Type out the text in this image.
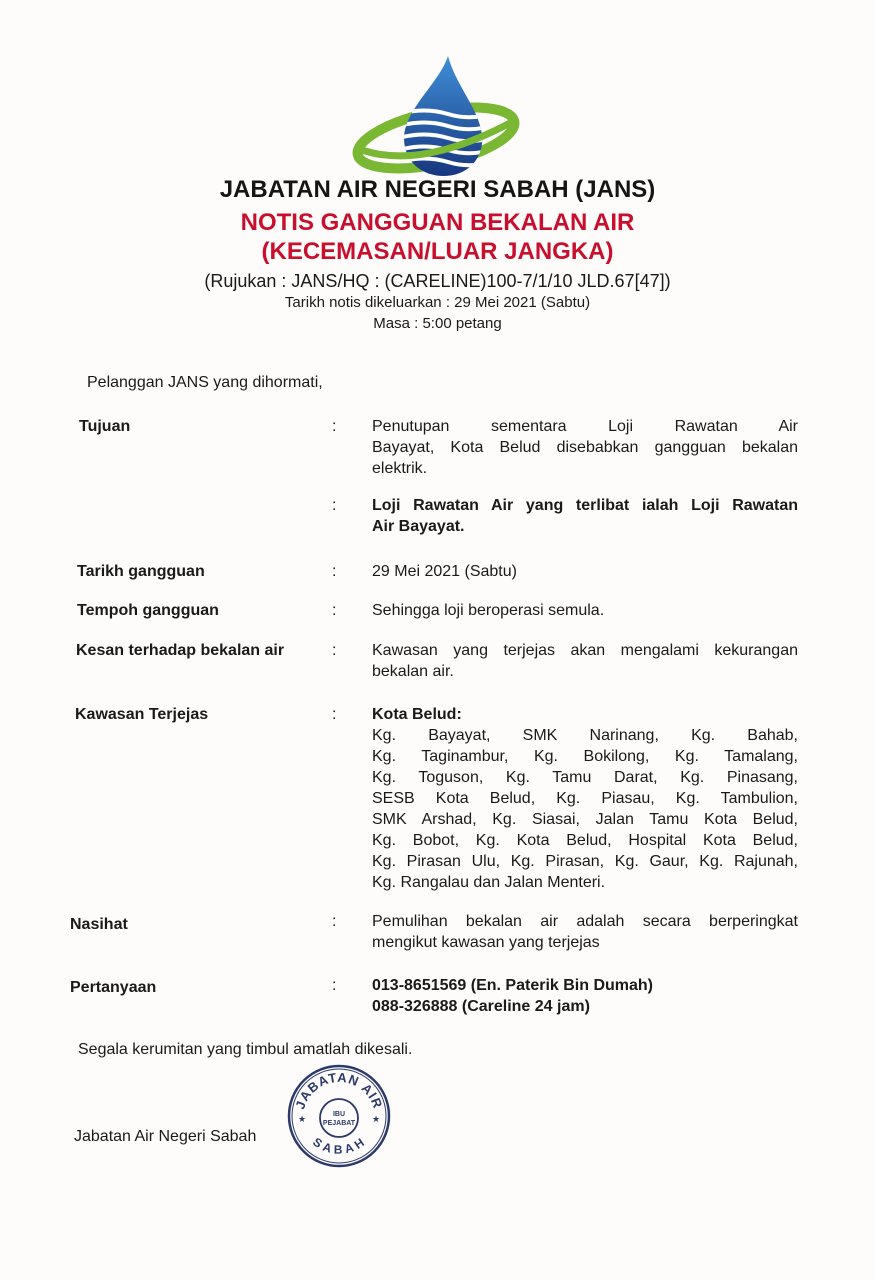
JABATAN AIR NEGERI SABAH (JANS)
NOTIS GANGGUAN BEKALAN AIR
(KECEMASAN/LUAR JANGKA)
(Rujukan : JANS/HQ : (CARELINE)100-7/1/10 JLD.67[47])
Tarikh notis dikeluarkan : 29 Mei 2021 (Sabtu)
Masa : 5:00 petang
Pelanggan JANS yang dihormati,
Tujuan	: Penutupan sementara Loji Rawatan Air
Bayayat, Kota Belud disebabkan gangguan bekalan
elektrik.
: Loji Rawatan Air yang terlibat ialah Loji Rawatan
Air Bayayat.
Tarikh gangguan	: 29 Mei 2021 (Sabtu)
Tempoh gangguan	: Sehingga loji beroperasi semula.
Kesan terhadap bekalan air	: Kawasan yang terjejas akan mengalami kekurangan
bekalan air.
Kawasan Terjejas	: Kota Belud:
Kg. Bayayat, SMK Narinang, Kg. Bahab,
Kg. Taginambur, Kg. Bokilong, Kg. Tamalang,
Kg. Toguson, Kg. Tamu Darat, Kg. Pinasang,
SESB Kota Belud, Kg. Piasau, Kg. Tambulion,
SMK Arshad, Kg. Siasai, Jalan Tamu Kota Belud,
Kg. Bobot, Kg. Kota Belud, Hospital Kota Belud,
Kg. Pirasan Ulu, Kg. Pirasan, Kg. Gaur, Kg. Rajunah,
Kg. Rangalau dan Jalan Menteri.
Nasihat	: Pemulihan bekalan air adalah secara berperingkat
mengikut kawasan yang terjejas
Pertanyaan	: 013-8651569 (En. Paterik Bin Dumah)
088-326888 (Careline 24 jam)
Segala kerumitan yang timbul amatlah dikesali.
Jabatan Air Negeri Sabah
JABATAN AIR
SABAH
IBU
PEJABAT
★	★
